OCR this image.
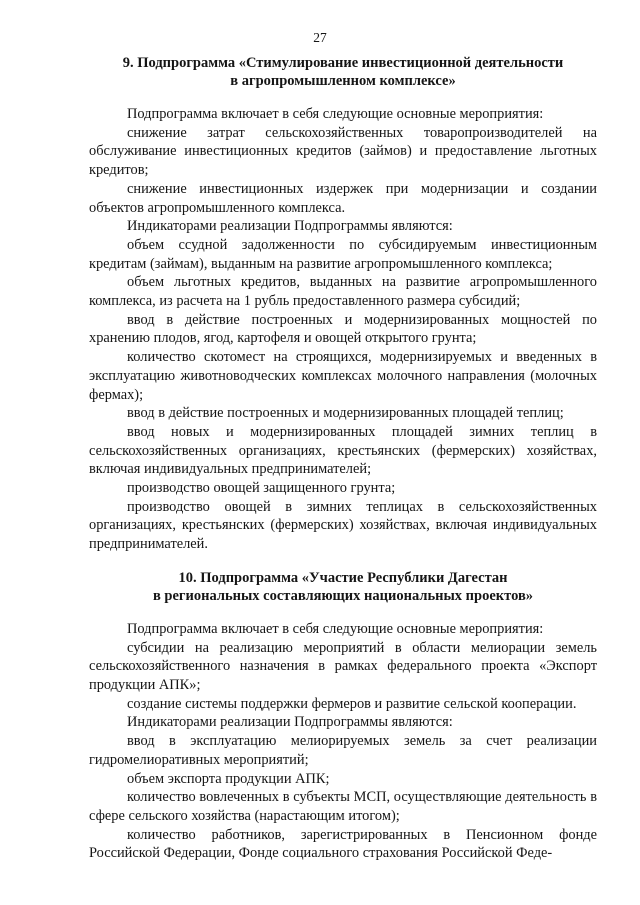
27
9. Подпрограмма «Стимулирование инвестиционной деятельности
в агропромышленном комплексе»

Подпрограмма включает в себя следующие основные мероприятия:

снижение затрат сельскохозяйственных товаропроизводителей на обслуживание инвестиционных кредитов (займов) и предоставление льготных кредитов;

снижение инвестиционных издержек при модернизации и создании объектов агропромышленного комплекса.

Индикаторами реализации Подпрограммы являются:

объем ссудной задолженности по субсидируемым инвестиционным кредитам (займам), выданным на развитие агропромышленного комплекса;

объем льготных кредитов, выданных на развитие агропромышленного комплекса, из расчета на 1 рубль предоставленного размера субсидий;

ввод в действие построенных и модернизированных мощностей по хранению плодов, ягод, картофеля и овощей открытого грунта;

количество скотомест на строящихся, модернизируемых и введенных в эксплуатацию животноводческих комплексах молочного направления (молочных фермах);

ввод в действие построенных и модернизированных площадей теплиц;

ввод новых и модернизированных площадей зимних теплиц в сельскохозяйственных организациях, крестьянских (фермерских) хозяйствах, включая индивидуальных предпринимателей;

производство овощей защищенного грунта;

производство овощей в зимних теплицах в сельскохозяйственных организациях, крестьянских (фермерских) хозяйствах, включая индивидуальных предпринимателей.

10. Подпрограмма «Участие Республики Дагестан
в региональных составляющих национальных проектов»

Подпрограмма включает в себя следующие основные мероприятия:

субсидии на реализацию мероприятий в области мелиорации земель сельскохозяйственного назначения в рамках федерального проекта «Экспорт продукции АПК»;

создание системы поддержки фермеров и развитие сельской кооперации.

Индикаторами реализации Подпрограммы являются:

ввод в эксплуатацию мелиорируемых земель за счет реализации гидромелиоративных мероприятий;

объем экспорта продукции АПК;

количество вовлеченных в субъекты МСП, осуществляющие деятельность в сфере сельского хозяйства (нарастающим итогом);

количество работников, зарегистрированных в Пенсионном фонде Российской Федерации, Фонде социального страхования Российской Феде-
